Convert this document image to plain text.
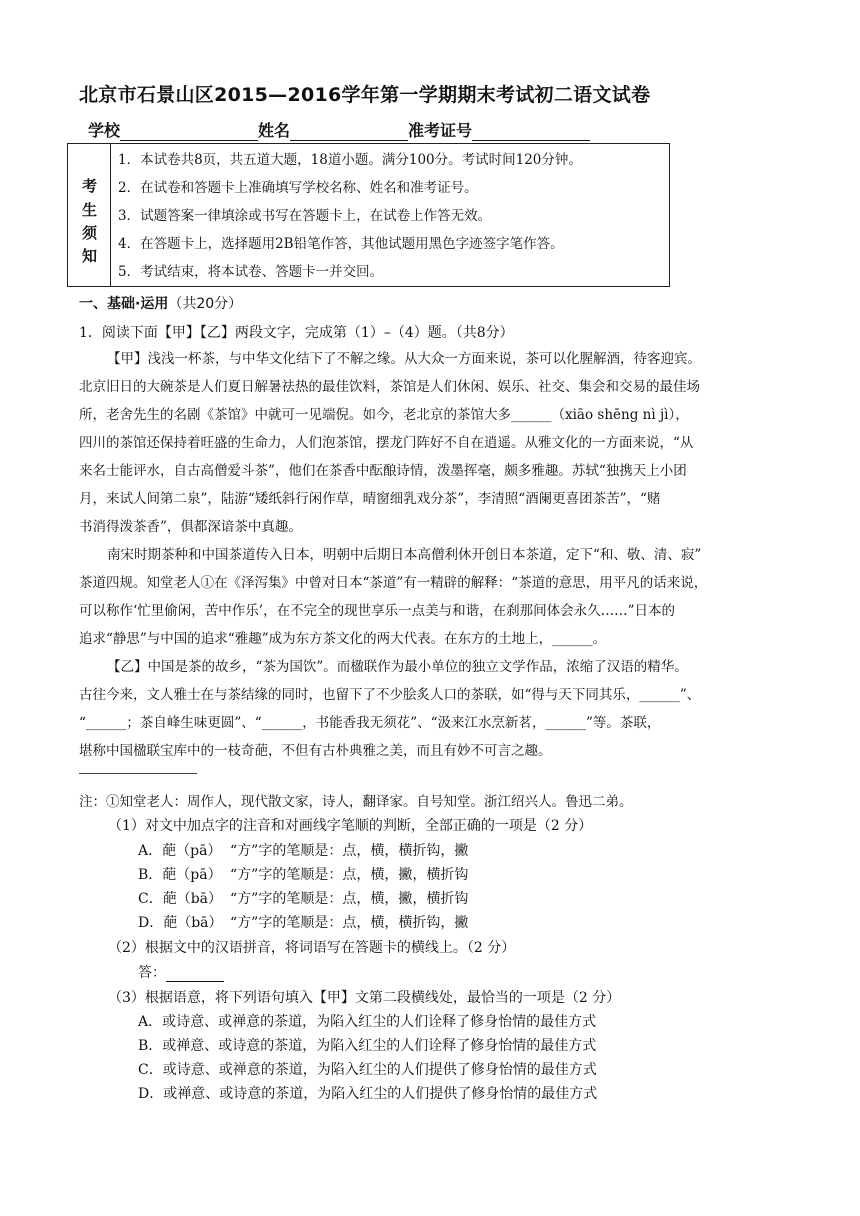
北京市石景山区2015—2016学年第一学期期末考试初二语文试卷
学校	姓名	准考证号
考
生
须
知
1．本试卷共8页，共五道大题，18道小题。满分100分。考试时间120分钟。
2．在试卷和答题卡上准确填写学校名称、姓名和准考证号。
3．试题答案一律填涂或书写在答题卡上，在试卷上作答无效。
4．在答题卡上，选择题用2B铅笔作答，其他试题用黑色字迹签字笔作答。
5．考试结束，将本试卷、答题卡一并交回。
一、基础·运用（共20分）
1．阅读下面【甲】【乙】两段文字，完成第（1）–（4）题。（共8分）
【甲】浅浅一杯茶，与中华文化结下了不解之缘。从大众一方面来说，茶可以化腥解酒，待客迎宾。
北京旧日的大碗茶是人们夏日解暑祛热的最佳饮料，茶馆是人们休闲、娱乐、社交、集会和交易的最佳场
所，老舍先生的名剧《茶馆》中就可一见端倪。如今，老北京的茶馆大多______（xiāo shēng nì jì），
四川的茶馆还保持着旺盛的生命力，人们泡茶馆，摆龙门阵好不自在逍遥。从雅文化的一方面来说，“从
来名士能评水，自古高僧爱斗茶”，他们在茶香中酝酿诗情，泼墨挥毫，颇多雅趣。苏轼“独携天上小团
月，来试人间第二泉”，陆游“矮纸斜行闲作草，晴窗细乳戏分茶”，李清照“酒阑更喜团茶苦”，“赌
书消得泼茶香”，俱都深谙茶中真趣。
南宋时期茶种和中国茶道传入日本，明朝中后期日本高僧利休开创日本茶道，定下“和、敬、清、寂”
茶道四规。知堂老人①在《泽泻集》中曾对日本“茶道”有一精辟的解释：“茶道的意思，用平凡的话来说，
可以称作‘忙里偷闲，苦中作乐’，在不完全的现世享乐一点美与和谐，在刹那间体会永久……”日本的
追求“静思”与中国的追求“雅趣”成为东方茶文化的两大代表。在东方的土地上，______。
【乙】中国是茶的故乡，“茶为国饮”。而楹联作为最小单位的独立文学作品，浓缩了汉语的精华。
古往今来，文人雅士在与茶结缘的同时，也留下了不少脍炙人口的茶联，如“得与天下同其乐，______”、
“______；茶自峰生味更圆”、“______，书能香我无须花”、“汲来江水烹新茗，______”等。茶联，
堪称中国楹联宝库中的一枝奇葩，不但有古朴典雅之美，而且有妙不可言之趣。
注：①知堂老人：周作人，现代散文家，诗人，翻译家。自号知堂。浙江绍兴人。鲁迅二弟。
（1）对文中加点字的注音和对画线字笔顺的判断，全部正确的一项是（2 分）
A．葩（pā） “方”字的笔顺是：点，横，横折钩，撇
B．葩（pā） “方”字的笔顺是：点，横，撇，横折钩
C．葩（bā） “方”字的笔顺是：点，横，撇，横折钩
D．葩（bā） “方”字的笔顺是：点，横，横折钩，撇
（2）根据文中的汉语拼音，将词语写在答题卡的横线上。（2 分）
答：
（3）根据语意，将下列语句填入【甲】文第二段横线处，最恰当的一项是（2 分）
A．或诗意、或禅意的茶道，为陷入红尘的人们诠释了修身怡情的最佳方式
B．或禅意、或诗意的茶道，为陷入红尘的人们诠释了修身怡情的最佳方式
C．或诗意、或禅意的茶道，为陷入红尘的人们提供了修身怡情的最佳方式
D．或禅意、或诗意的茶道，为陷入红尘的人们提供了修身怡情的最佳方式
